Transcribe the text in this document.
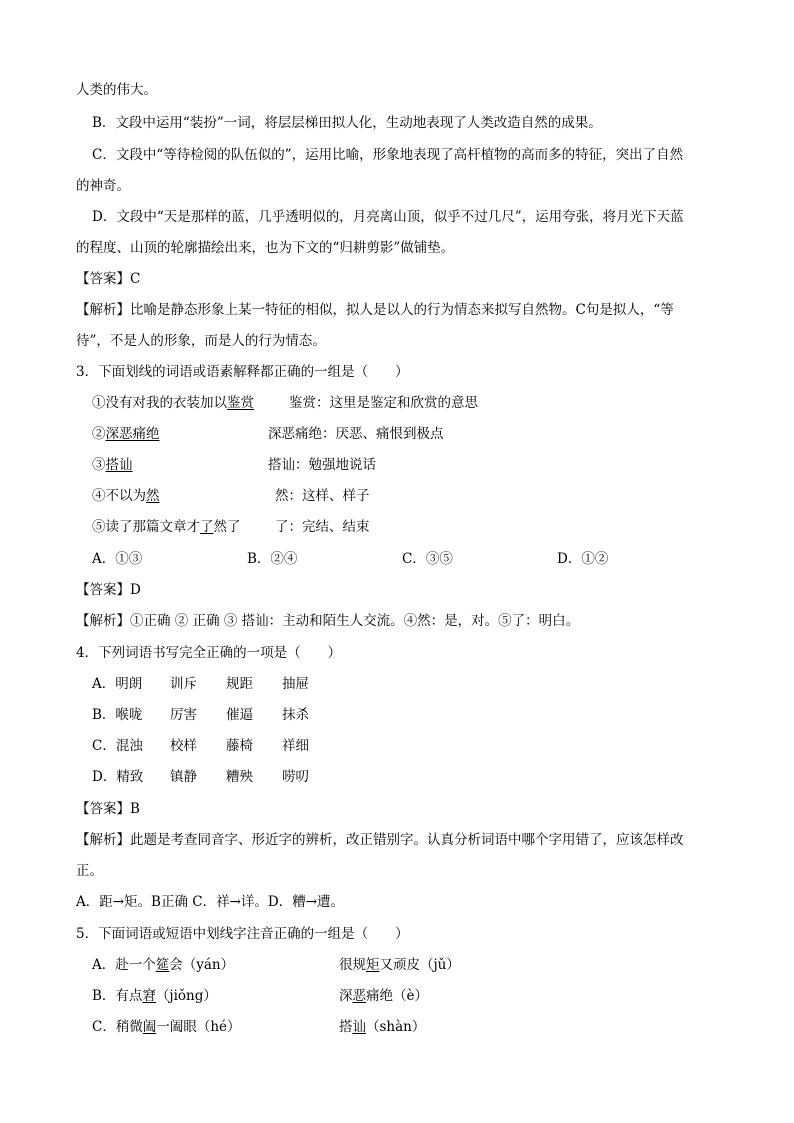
人类的伟大。
B．文段中运用“装扮”一词，将层层梯田拟人化，生动地表现了人类改造自然的成果。
C．文段中“等待检阅的队伍似的”，运用比喻，形象地表现了高杆植物的高而多的特征，突出了自然
的神奇。
D．文段中“天是那样的蓝，几乎透明似的，月亮离山顶，似乎不过几尺”，运用夸张，将月光下天蓝
的程度、山顶的轮廓描绘出来，也为下文的“归耕剪影”做铺垫。
【答案】C
【解析】比喻是静态形象上某一特征的相似，拟人是以人的行为情态来拟写自然物。C句是拟人，“等
待”，不是人的形象，而是人的行为情态。
3．下面划线的词语或语素解释都正确的一组是（　　）
①没有对我的衣装加以鉴赏	鉴赏：这里是鉴定和欣赏的意思
②深恶痛绝	深恶痛绝：厌恶、痛恨到极点
③搭讪	搭讪：勉强地说话
④不以为然	然：这样、样子
⑤读了那篇文章才了然了	了：完结、结束
A．①③	B．②④	C．③⑤	D．①②
【答案】D
【解析】①正确 ② 正确 ③ 搭讪：主动和陌生人交流。④然：是，对。⑤了：明白。
4．下列词语书写完全正确的一项是（　　）
A．明朗 训斥 规距 抽屉
B．喉咙 厉害 催逼 抹杀
C．混浊 校样 藤椅 祥细
D．精致 镇静 糟殃 唠叨
【答案】B
【解析】此题是考查同音字、形近字的辨析，改正错别字。认真分析词语中哪个字用错了，应该怎样改
正。
A．距→矩。B正确 C．祥→详。D．糟→遭。
5．下面词语或短语中划线字注音正确的一组是（　　）
A．赴一个筵会（yán）	很规矩又顽皮（jǔ）
B．有点窘（jiǒng）	深恶痛绝（è）
C．稍微阖一阖眼（hé）	搭讪（shàn）
